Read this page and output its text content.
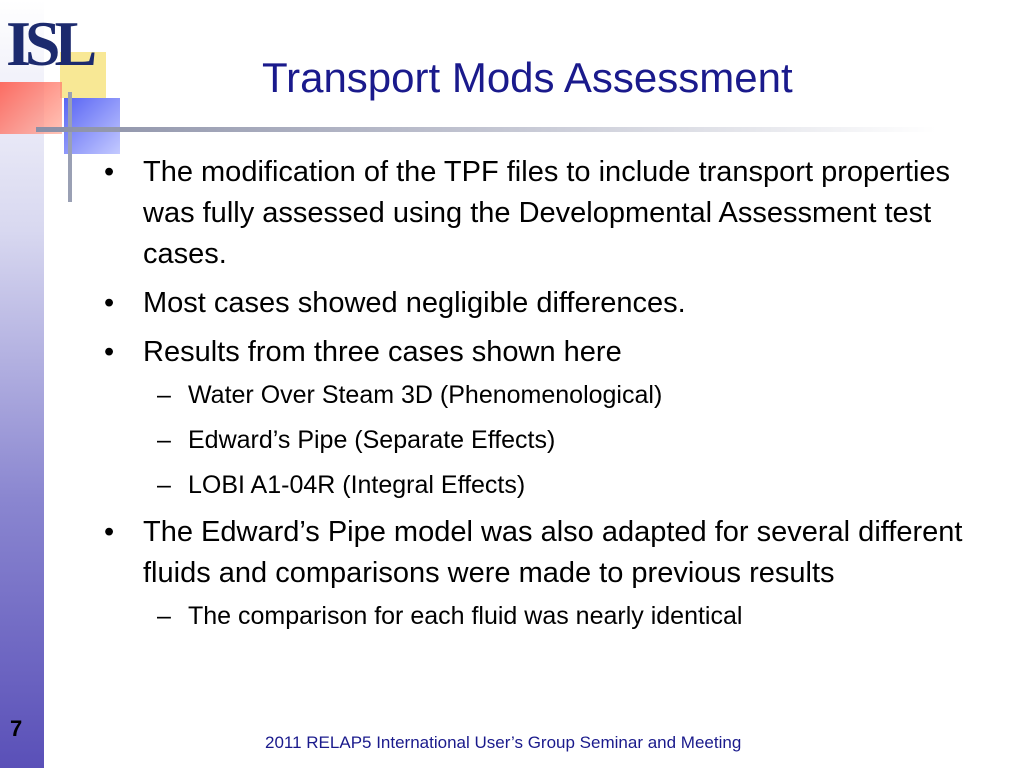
ISL	Transport Mods Assessment
• The modification of the TPF files to include transport properties was fully assessed using the Developmental Assessment test cases.
• Most cases showed negligible differences.
• Results from three cases shown here
– Water Over Steam 3D (Phenomenological)
– Edward’s Pipe (Separate Effects)
– LOBI A1-04R (Integral Effects)
• The Edward’s Pipe model was also adapted for several different fluids and comparisons were made to previous results
– The comparison for each fluid was nearly identical
7
2011 RELAP5 International User’s Group Seminar and Meeting
